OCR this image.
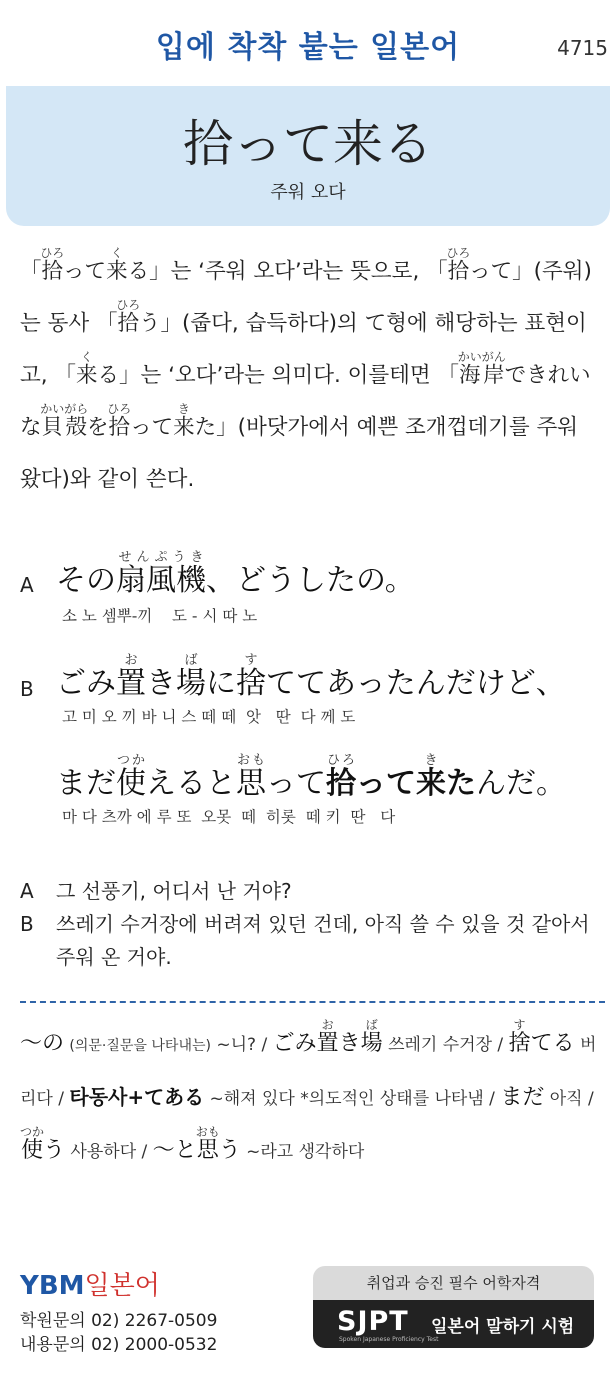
입에 착착 붙는 일본어	4715
拾って来る
주워 오다
「拾ひろって来くる」는 ‘주워 오다’라는 뜻으로, 「拾ひろって」(주워)는 동사 「拾ひろう」(줍다, 습득하다)의 て형에 해당하는 표현이고, 「来くる」는 ‘오다’라는 의미다. 이를테면 「海岸かいがんできれいな貝殻かいがらを拾ひろって来きた」(바닷가에서 예쁜 조개껍데기를 주워 왔다)와 같이 쓴다.
A その扇風機せんぷうき、どうしたの。
소 노 셈뿌-끼    도 - 시 따 노
B ごみ置おき場ばに捨すててあったんだけど、
고 미 오 끼 바 니 스 떼 떼  앗   딴  다 께 도
まだ使つかえると思おもって拾ひろって来きたんだ。
마 다 츠까 에 루 또  오못  떼  히롯  떼 키  딴   다
A	그 선풍기, 어디서 난 거야?
B	쓰레기 수거장에 버려져 있던 건데, 아직 쓸 수 있을 것 같아서 주워 온 거야.
〜の (의문·질문을 나타내는) ~니? / ごみ置おき場ば 쓰레기 수거장 / 捨すてる 버리다 / 타동사+てある ~해져 있다 *의도적인 상태를 나타냄 / まだ 아직 / 使つかう 사용하다 / 〜と思おもう ~라고 생각하다
YBM일본어
학원문의 02) 2267-0509
내용문의 02) 2000-0532
취업과 승진 필수 어학자격
SJPT
Spoken Japanese Proficiency Test
일본어 말하기 시험
